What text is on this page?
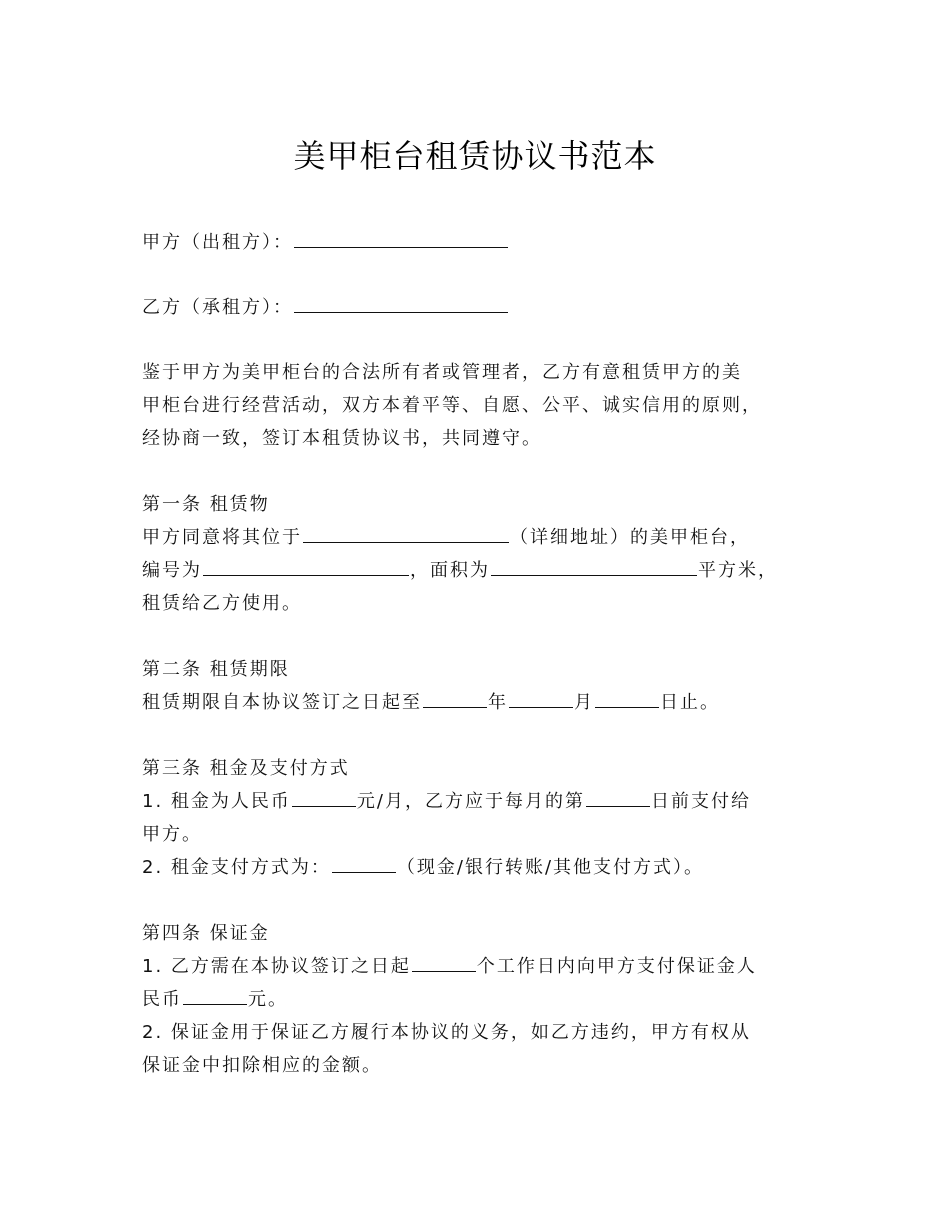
美甲柜台租赁协议书范本
甲方（出租方）：
乙方（承租方）：
鉴于甲方为美甲柜台的合法所有者或管理者，乙方有意租赁甲方的美
甲柜台进行经营活动，双方本着平等、自愿、公平、诚实信用的原则，
经协商一致，签订本租赁协议书，共同遵守。
第一条 租赁物
甲方同意将其位于	（详细地址）的美甲柜台，
编号为	，面积为	平方米，
租赁给乙方使用。
第二条 租赁期限
租赁期限自本协议签订之日起至	年	月	日止。
第三条 租金及支付方式
1. 租金为人民币	元/月，乙方应于每月的第	日前支付给
甲方。
2. 租金支付方式为：	（现金/银行转账/其他支付方式）。
第四条 保证金
1. 乙方需在本协议签订之日起	个工作日内向甲方支付保证金人
民币	元。
2. 保证金用于保证乙方履行本协议的义务，如乙方违约，甲方有权从
保证金中扣除相应的金额。
